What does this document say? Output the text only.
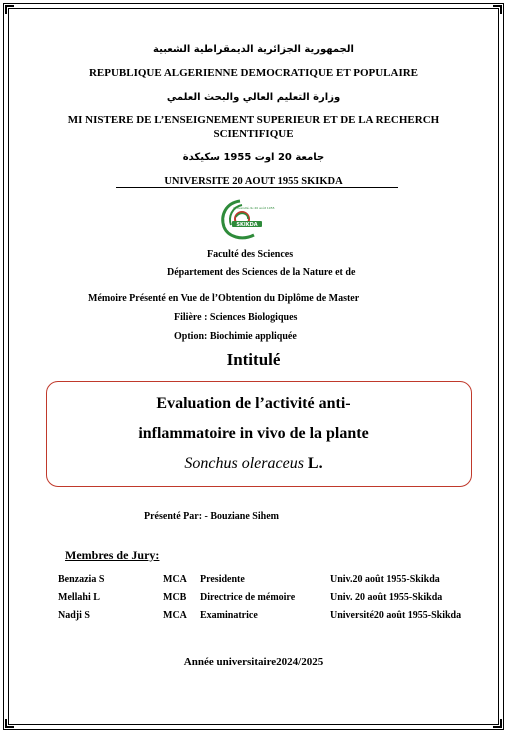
الجمهورية الجزائرية الديمقراطية الشعبية
REPUBLIQUE ALGERIENNE DEMOCRATIQUE ET POPULAIRE
وزارة التعليم العالي والبحث العلمي
MI NISTERE DE L’ENSEIGNEMENT SUPERIEUR ET DE LA RECHERCH
SCIENTIFIQUE
جامعة 20 اوت 1955 سكيكدة
UNIVERSITE 20 AOUT 1955 SKIKDA
SKIKDA
Université du 20 août 1955
Faculté des Sciences
Département des Sciences de la Nature et de
Mémoire Présenté en Vue de l’Obtention du Diplôme de Master
Filière : Sciences Biologiques
Option: Biochimie appliquée
Intitulé
Evaluation de l’activité anti-
inflammatoire in vivo de la plante
Sonchus oleraceus L.
Présenté Par: - Bouziane Sihem
Membres de Jury:
Benzazia S	MCA Presidente	Univ.20 août 1955-Skikda
Mellahi L	MCB Directrice de mémoire	Univ. 20 août 1955-Skikda
Nadji S	MCA Examinatrice	Université20 août 1955-Skikda
Année universitaire2024/2025
